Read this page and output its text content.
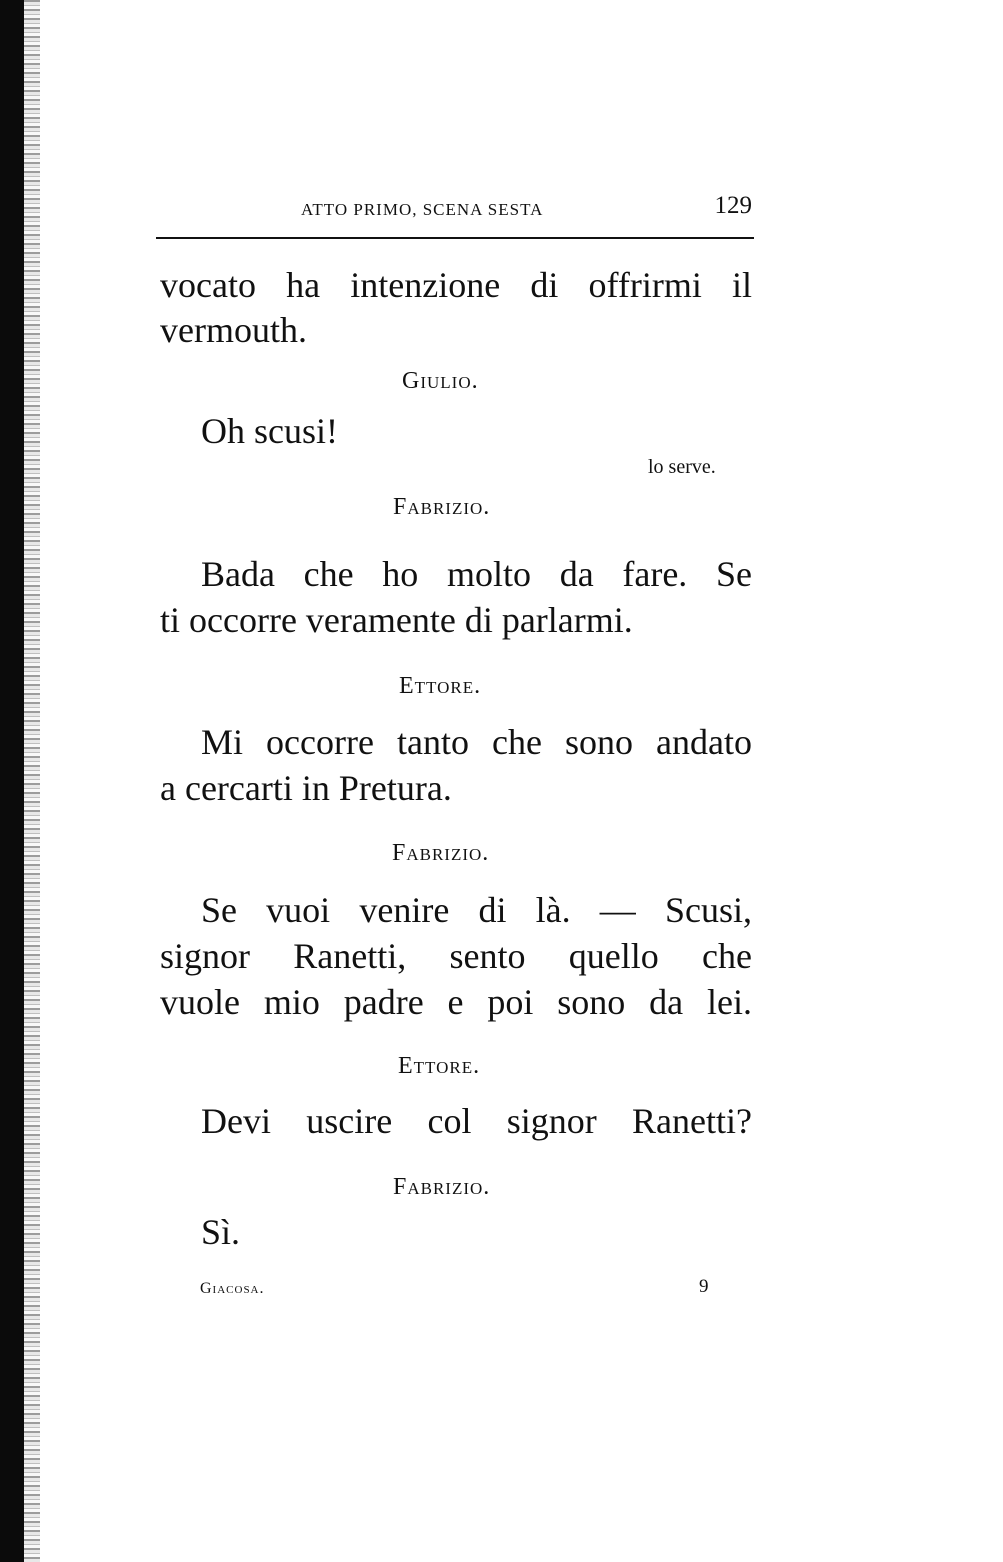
ATTO PRIMO, SCENA SESTA	129
vocato ha intenzione di offrirmi il
vermouth.
Giulio.
Oh scusi!
lo serve.
Fabrizio.
Bada che ho molto da fare. Se
ti occorre veramente di parlarmi.
Ettore.
Mi occorre tanto che sono andato
a cercarti in Pretura.
Fabrizio.
Se vuoi venire di là. — Scusi,
signor Ranetti, sento quello che
vuole mio padre e poi sono da lei.
Ettore.
Devi uscire col signor Ranetti?
Fabrizio.
Sì.
Giacosa.	9
